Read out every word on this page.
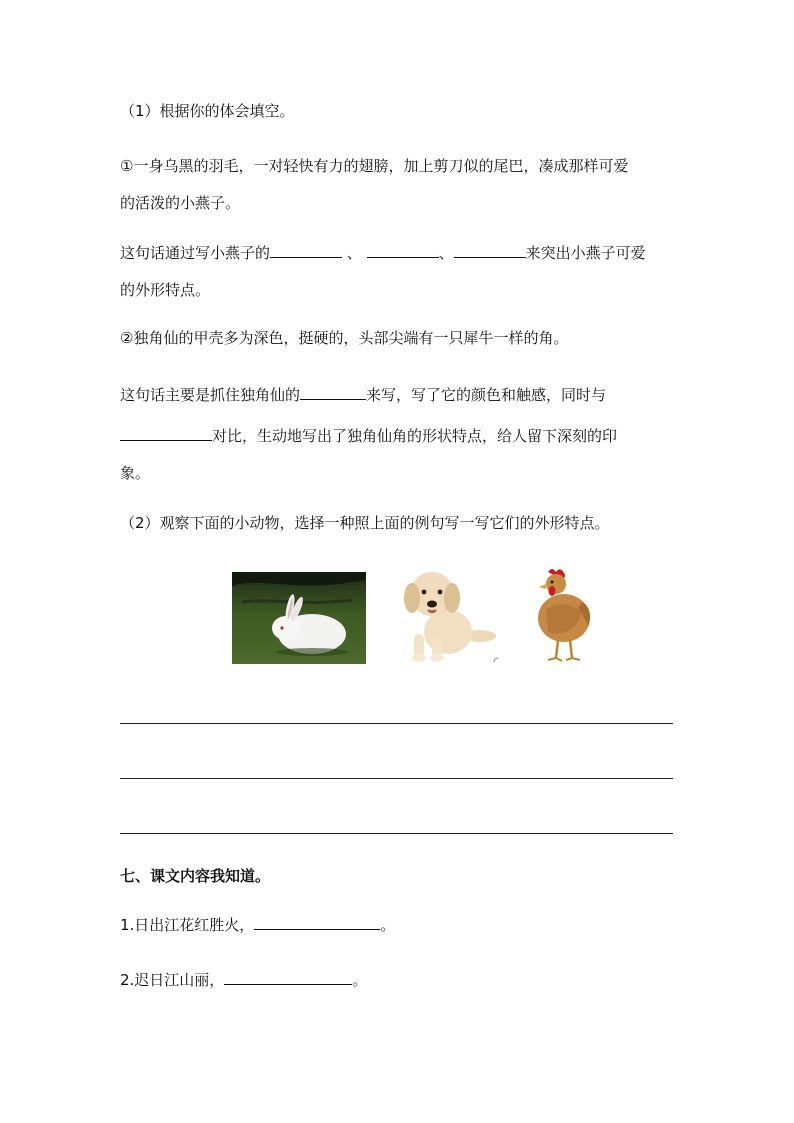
（1）根据你的体会填空。
①一身乌黑的羽毛，一对轻快有力的翅膀，加上剪刀似的尾巴，凑成那样可爱
的活泼的小燕子。
这句话通过写小燕子的	、	、	来突出小燕子可爱
的外形特点。
②独角仙的甲壳多为深色，挺硬的，头部尖端有一只犀牛一样的角。
这句话主要是抓住独角仙的	来写，写了它的颜色和触感，同时与
对比，生动地写出了独角仙角的形状特点，给人留下深刻的印
象。
（2）观察下面的小动物，选择一种照上面的例句写一写它们的外形特点。
七、课文内容我知道。
1.日出江花红胜火，	。
2.迟日江山丽，	。
